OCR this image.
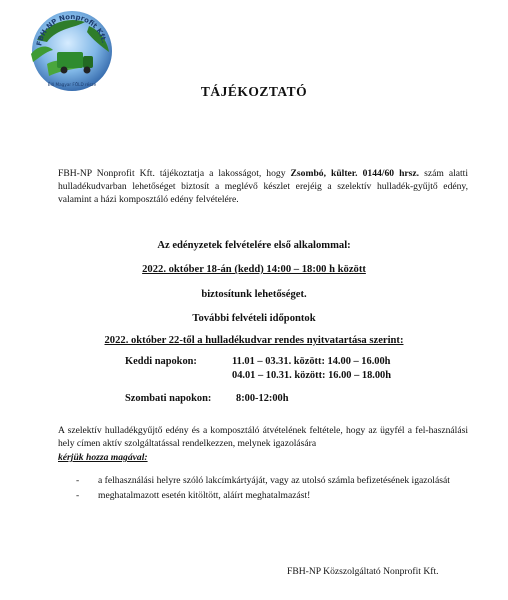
FBH-NP Nonprofit Kft.
Élő Magyar FÖLD része	TÁJÉKOZTATÓ
FBH-NP Nonprofit Kft. tájékoztatja a lakosságot, hogy Zsombó, külter. 0144/60 hrsz. szám alatti hulladékudvarban lehetőséget biztosít a meglévő készlet erejéig a szelektív hulladék-gyűjtő edény, valamint a házi komposztáló edény felvételére.
Az edényzetek felvételére első alkalommal:
2022. október 18-án (kedd) 14:00 – 18:00 h között
biztosítunk lehetőséget.
További felvételi időpontok
2022. október 22-től a hulladékudvar rendes nyitvatartása szerint:
Keddi napokon:	11.01 – 03.31. között: 14.00 – 16.00h
04.01 – 10.31. között: 16.00 – 18.00h
Szombati napokon: 8:00-12:00h
A szelektív hulladékgyűjtő edény és a komposztáló átvételének feltétele, hogy az ügyfél a fel-használási hely címen aktív szolgáltatással rendelkezzen, melynek igazolására
kérjük hozza magával:
- a felhasználási helyre szóló lakcímkártyáját, vagy az utolsó számla befizetésének igazolását
- meghatalmazott esetén kitöltött, aláírt meghatalmazást!
FBH-NP Közszolgáltató Nonprofit Kft.
